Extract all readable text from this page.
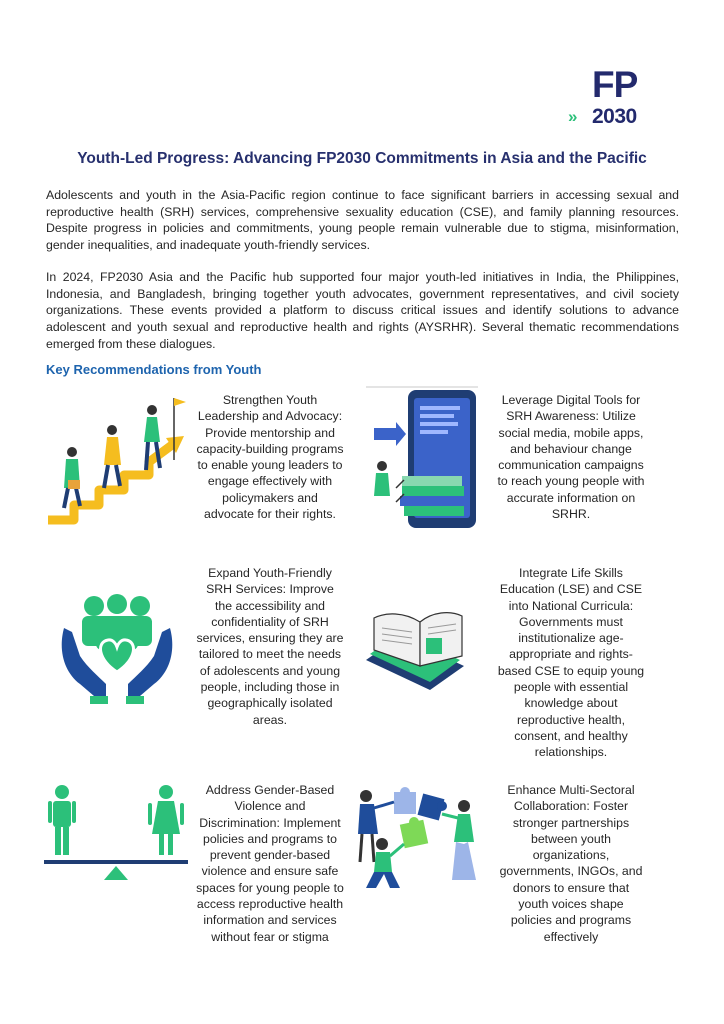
FP
» 2030
Youth-Led Progress: Advancing FP2030 Commitments in Asia and the Pacific

Adolescents and youth in the Asia-Pacific region continue to face significant barriers in accessing sexual and reproductive health (SRH) services, comprehensive sexuality education (CSE), and family planning resources. Despite progress in policies and commitments, young people remain vulnerable due to stigma, misinformation, gender inequalities, and inadequate youth-friendly services.

In 2024, FP2030 Asia and the Pacific hub supported four major youth-led initiatives in India, the Philippines, Indonesia, and Bangladesh, bringing together youth advocates, government representatives, and civil society organizations. These events provided a platform to discuss critical issues and identify solutions to advance adolescent and youth sexual and reproductive health and rights (AYSRHR). Several thematic recommendations emerged from these dialogues.

Key Recommendations from Youth
Strengthen Youth Leadership and Advocacy: Provide mentorship and capacity-building programs to enable young leaders to engage effectively with policymakers and advocate for their rights.
Leverage Digital Tools for SRH Awareness: Utilize social media, mobile apps, and behaviour change communication campaigns to reach young people with accurate information on SRHR.
Expand Youth-Friendly SRH Services: Improve the accessibility and confidentiality of SRH services, ensuring they are tailored to meet the needs of adolescents and young people, including those in geographically isolated areas.
Integrate Life Skills Education (LSE) and CSE into National Curricula: Governments must institutionalize age-appropriate and rights-based CSE to equip young people with essential knowledge about reproductive health, consent, and healthy relationships.
Address Gender-Based Violence and Discrimination: Implement policies and programs to prevent gender-based violence and ensure safe spaces for young people to access reproductive health information and services without fear or stigma
Enhance Multi-Sectoral Collaboration: Foster stronger partnerships between youth organizations, governments, INGOs, and donors to ensure that youth voices shape policies and programs effectively
